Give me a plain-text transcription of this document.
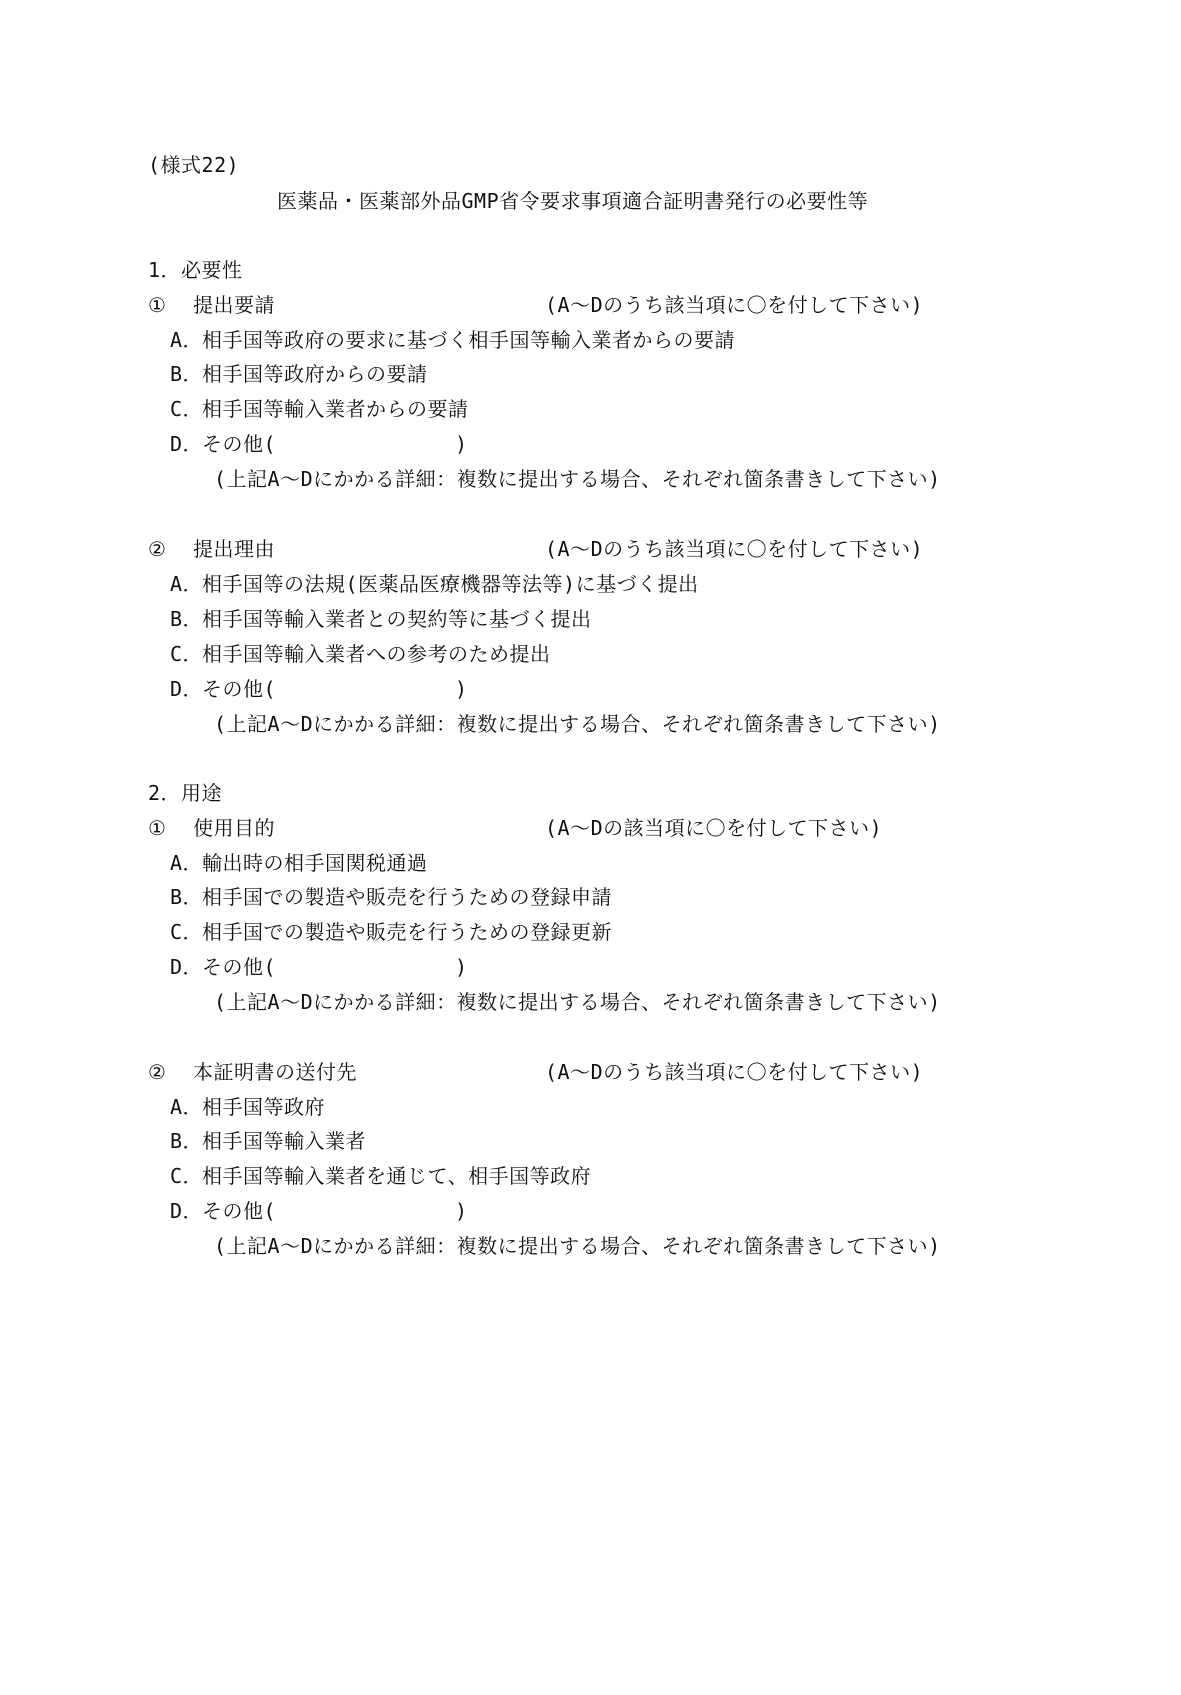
(様式22)
医薬品・医薬部外品GMP省令要求事項適合証明書発行の必要性等
1．必要性
① 提出要請	(A～Dのうち該当項に〇を付して下さい)
A．
相手国等政府の要求に基づく相手国等輸入業者からの要請
B．
相手国等政府からの要請
C．
相手国等輸入業者からの要請
D．
その他(	)
(上記A～Dにかかる詳細：複数に提出する場合、それぞれ箇条書きして下さい)
② 提出理由	(A～Dのうち該当項に〇を付して下さい)
A．
相手国等の法規(医薬品医療機器等法等)に基づく提出
B．
相手国等輸入業者との契約等に基づく提出
C．
相手国等輸入業者への参考のため提出
D．
その他(	)
(上記A～Dにかかる詳細：複数に提出する場合、それぞれ箇条書きして下さい)
2．用途
① 使用目的	(A～Dの該当項に〇を付して下さい)
A．
輸出時の相手国関税通過
B．
相手国での製造や販売を行うための登録申請
C．
相手国での製造や販売を行うための登録更新
D．
その他(	)
(上記A～Dにかかる詳細：複数に提出する場合、それぞれ箇条書きして下さい)
② 本証明書の送付先	(A～Dのうち該当項に〇を付して下さい)
A．
相手国等政府
B．
相手国等輸入業者
C．
相手国等輸入業者を通じて、相手国等政府
D．
その他(	)
(上記A～Dにかかる詳細：複数に提出する場合、それぞれ箇条書きして下さい)
